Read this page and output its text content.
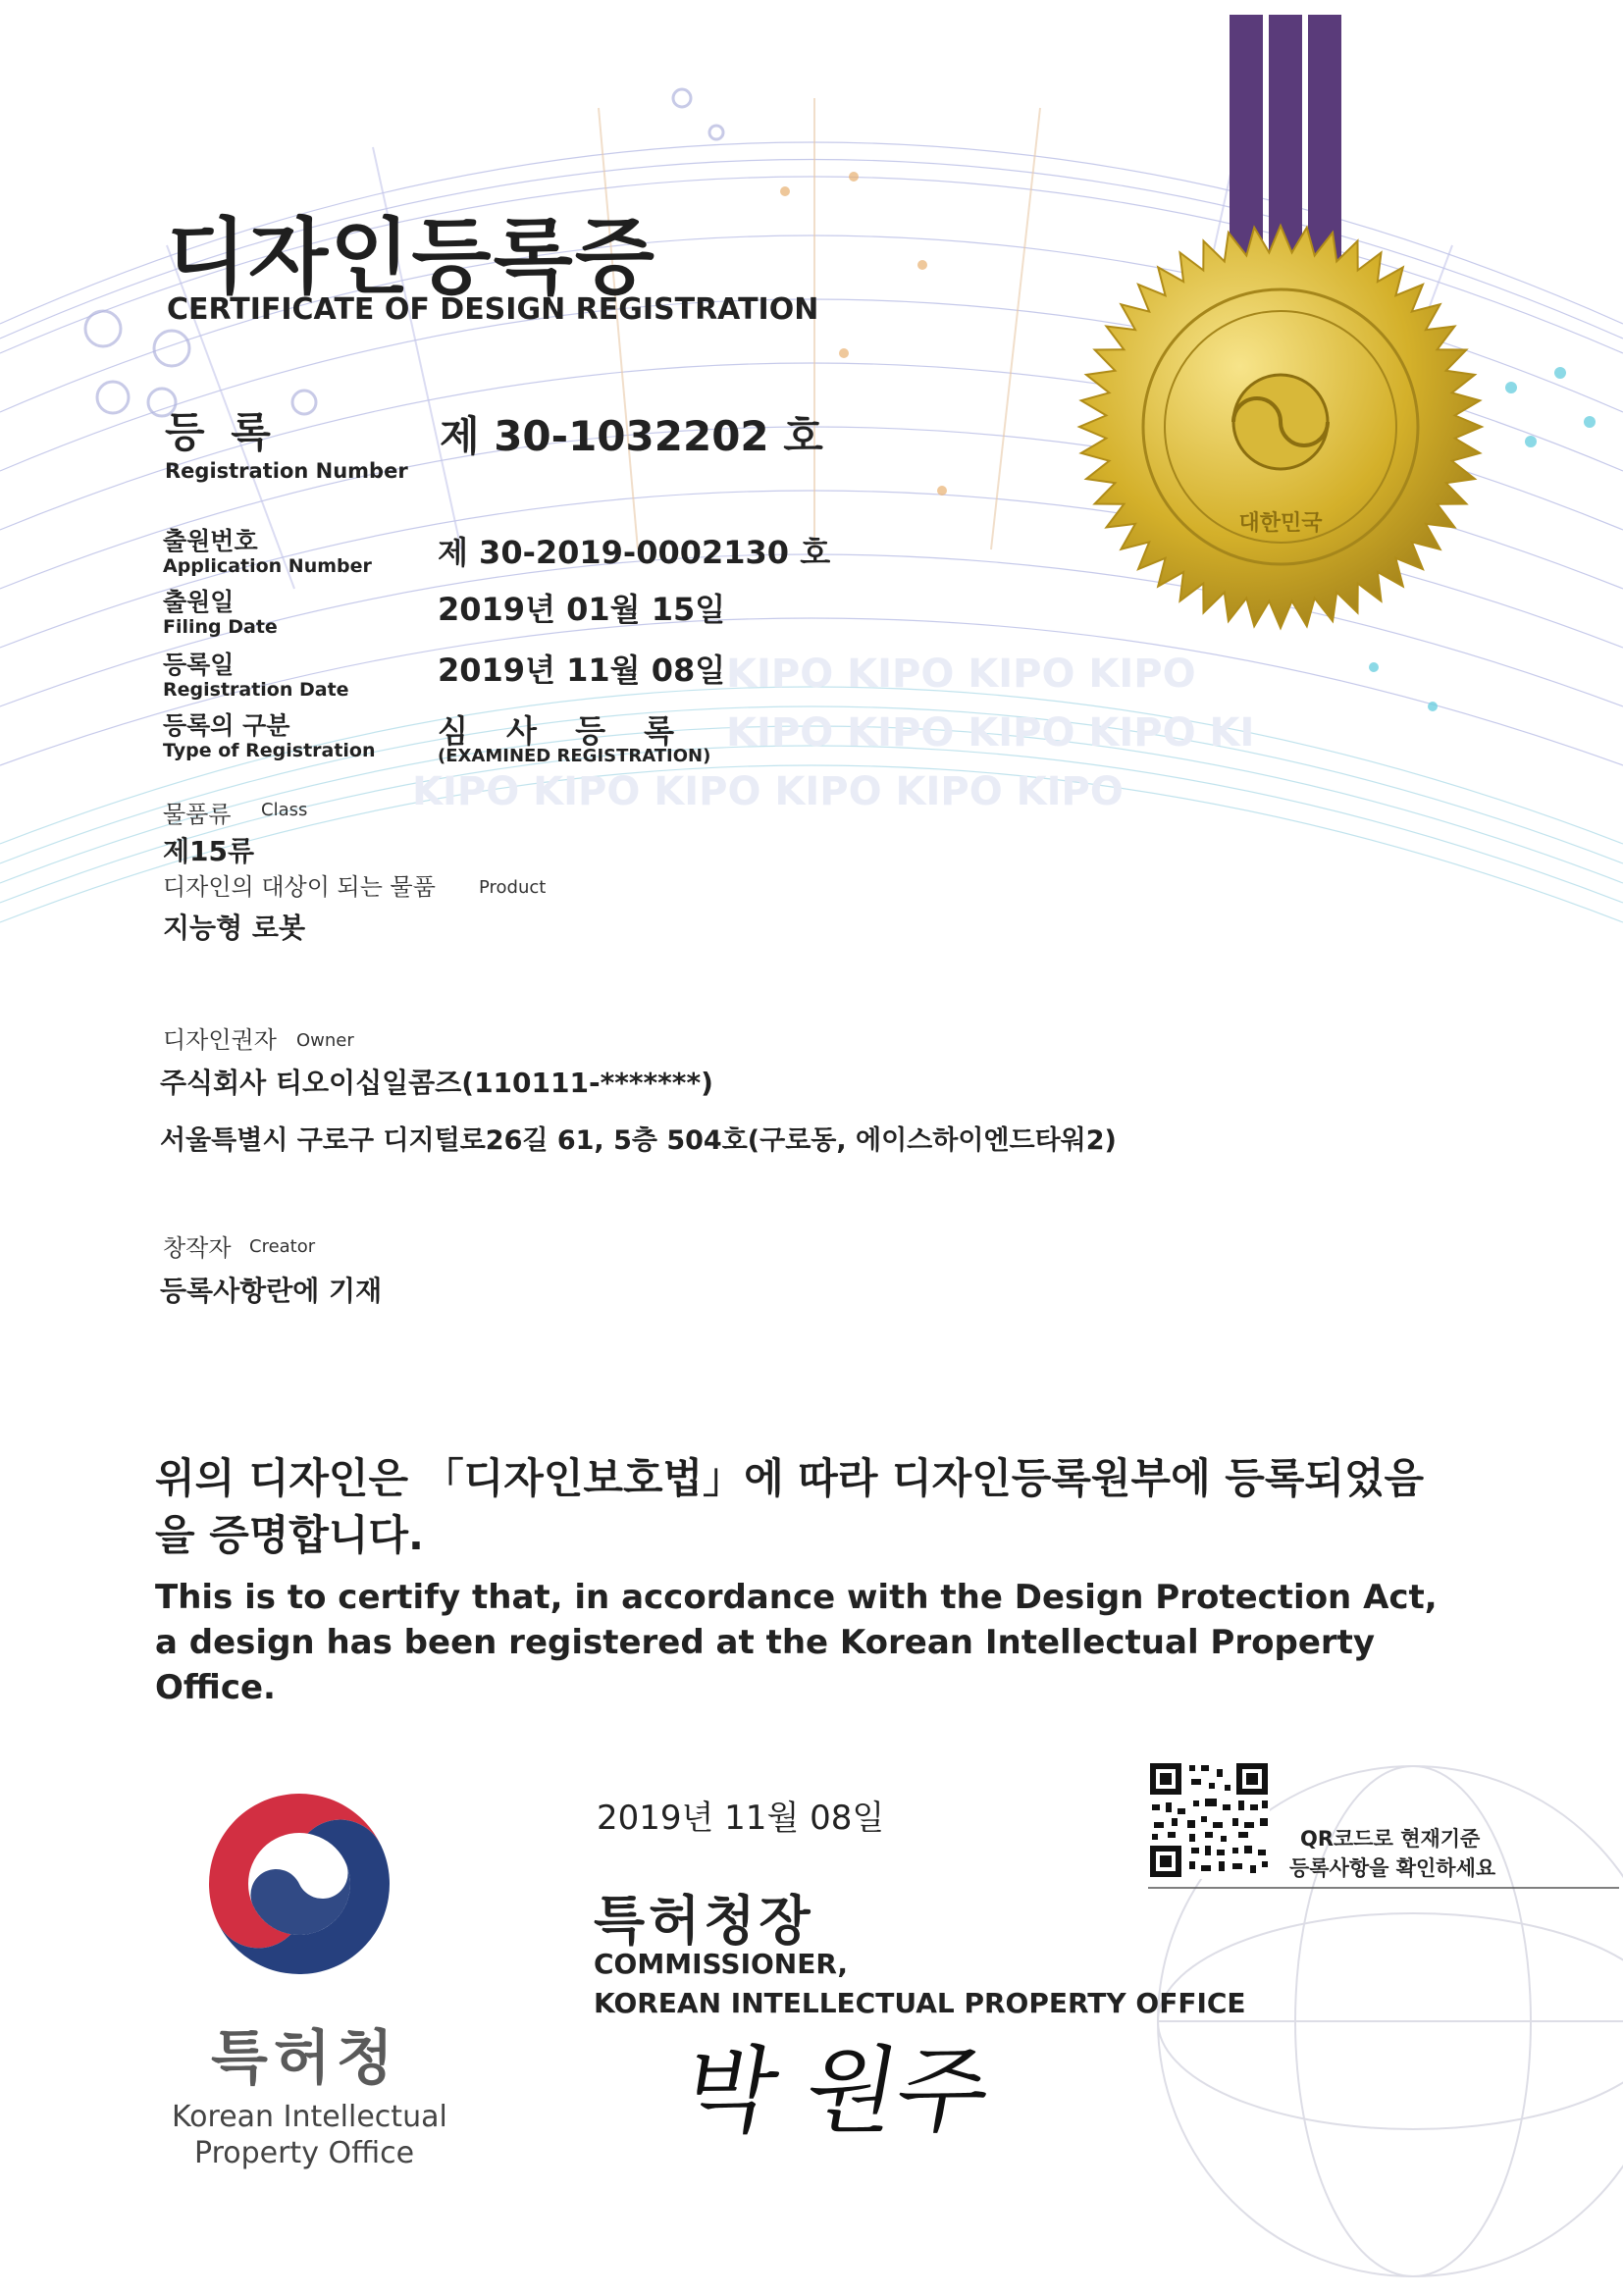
KIPO KIPO KIPO KIPO
KIPO KIPO KIPO KIPO KI
KIPO KIPO KIPO KIPO KIPO KIPO
대한민국
디자인등록증
CERTIFICATE OF DESIGN REGISTRATION
등 록
Registration Number
제 30-1032202 호
출원번호
Application Number 제 30-2019-0002130 호
출원일
Filing Date	2019년 01월 15일
등록일
Registration Date
2019년 11월 08일
등록의 구분
Type of Registration
심 사 등 록
(EXAMINED REGISTRATION)
물품류 Class
제15류
디자인의 대상이 되는 물품 Product
지능형 로봇
디자인권자 Owner
주식회사 티오이십일콤즈(110111-*******)
서울특별시 구로구 디지털로26길 61, 5층 504호(구로동, 에이스하이엔드타워2)
창작자 Creator
등록사항란에 기재
위의 디자인은 「디자인보호법」에 따라 디자인등록원부에 등록되었음을 증명합니다.
This is to certify that, in accordance with the Design Protection Act, a design has been registered at the Korean Intellectual Property Office.
QR코드로 현재기준
등록사항을 확인하세요
2019년 11월 08일
특허청장
COMMISSIONER,
KOREAN INTELLECTUAL PROPERTY OFFICE
박 원주
특허청
Korean Intellectual
Property Office
